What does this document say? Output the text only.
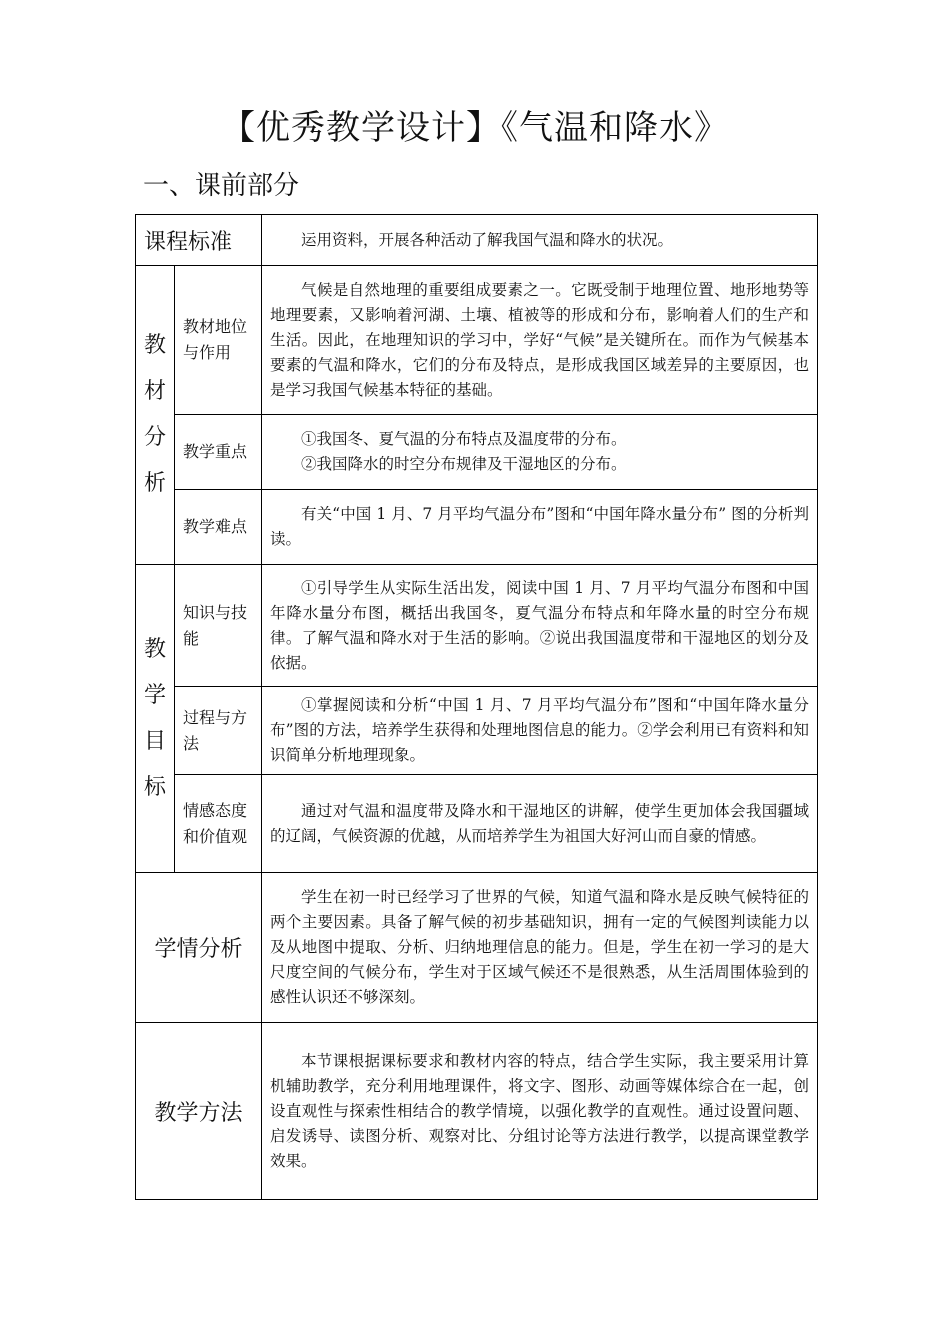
【优秀教学设计】《气温和降水》
一、课前部分
课程标准		运用资料，开展各种活动了解我国气温和降水的状况。

教材分析	教材地位与作用	气候是自然地理的重要组成要素之一。它既受制于地理位置、地形地势等地理要素，又影响着河湖、土壤、植被等的形成和分布，影响着人们的生产和生活。因此，在地理知识的学习中，学好“气候”是关键所在。而作为气候基本要素的气温和降水，它们的分布及特点，是形成我国区域差异的主要原因，也是学习我国气候基本特征的基础。

	教学重点	①我国冬、夏气温的分布特点及温度带的分布。
②我国降水的时空分布规律及干湿地区的分布。

	教学难点	有关“中国 1 月、7 月平均气温分布”图和“中国年降水量分布” 图的分析判读。

教学目标	知识与技能	①引导学生从实际生活出发，阅读中国 1 月、7 月平均气温分布图和中国年降水量分布图，概括出我国冬，夏气温分布特点和年降水量的时空分布规律。了解气温和降水对于生活的影响。②说出我国温度带和干湿地区的划分及依据。

	过程与方法	①掌握阅读和分析“中国 1 月、7 月平均气温分布”图和“中国年降水量分布”图的方法，培养学生获得和处理地图信息的能力。②学会利用已有资料和知识简单分析地理现象。

	情感态度和价值观	通过对气温和温度带及降水和干湿地区的讲解，使学生更加体会我国疆域的辽阔，气候资源的优越，从而培养学生为祖国大好河山而自豪的情感。

学情分析		学生在初一时已经学习了世界的气候，知道气温和降水是反映气候特征的两个主要因素。具备了解气候的初步基础知识，拥有一定的气候图判读能力以及从地图中提取、分析、归纳地理信息的能力。但是，学生在初一学习的是大尺度空间的气候分布，学生对于区域气候还不是很熟悉，从生活周围体验到的感性认识还不够深刻。

教学方法		本节课根据课标要求和教材内容的特点，结合学生实际，我主要采用计算机辅助教学，充分利用地理课件，将文字、图形、动画等媒体综合在一起，创设直观性与探索性相结合的教学情境，以强化教学的直观性。通过设置问题、启发诱导、读图分析、观察对比、分组讨论等方法进行教学，以提高课堂教学效果。
